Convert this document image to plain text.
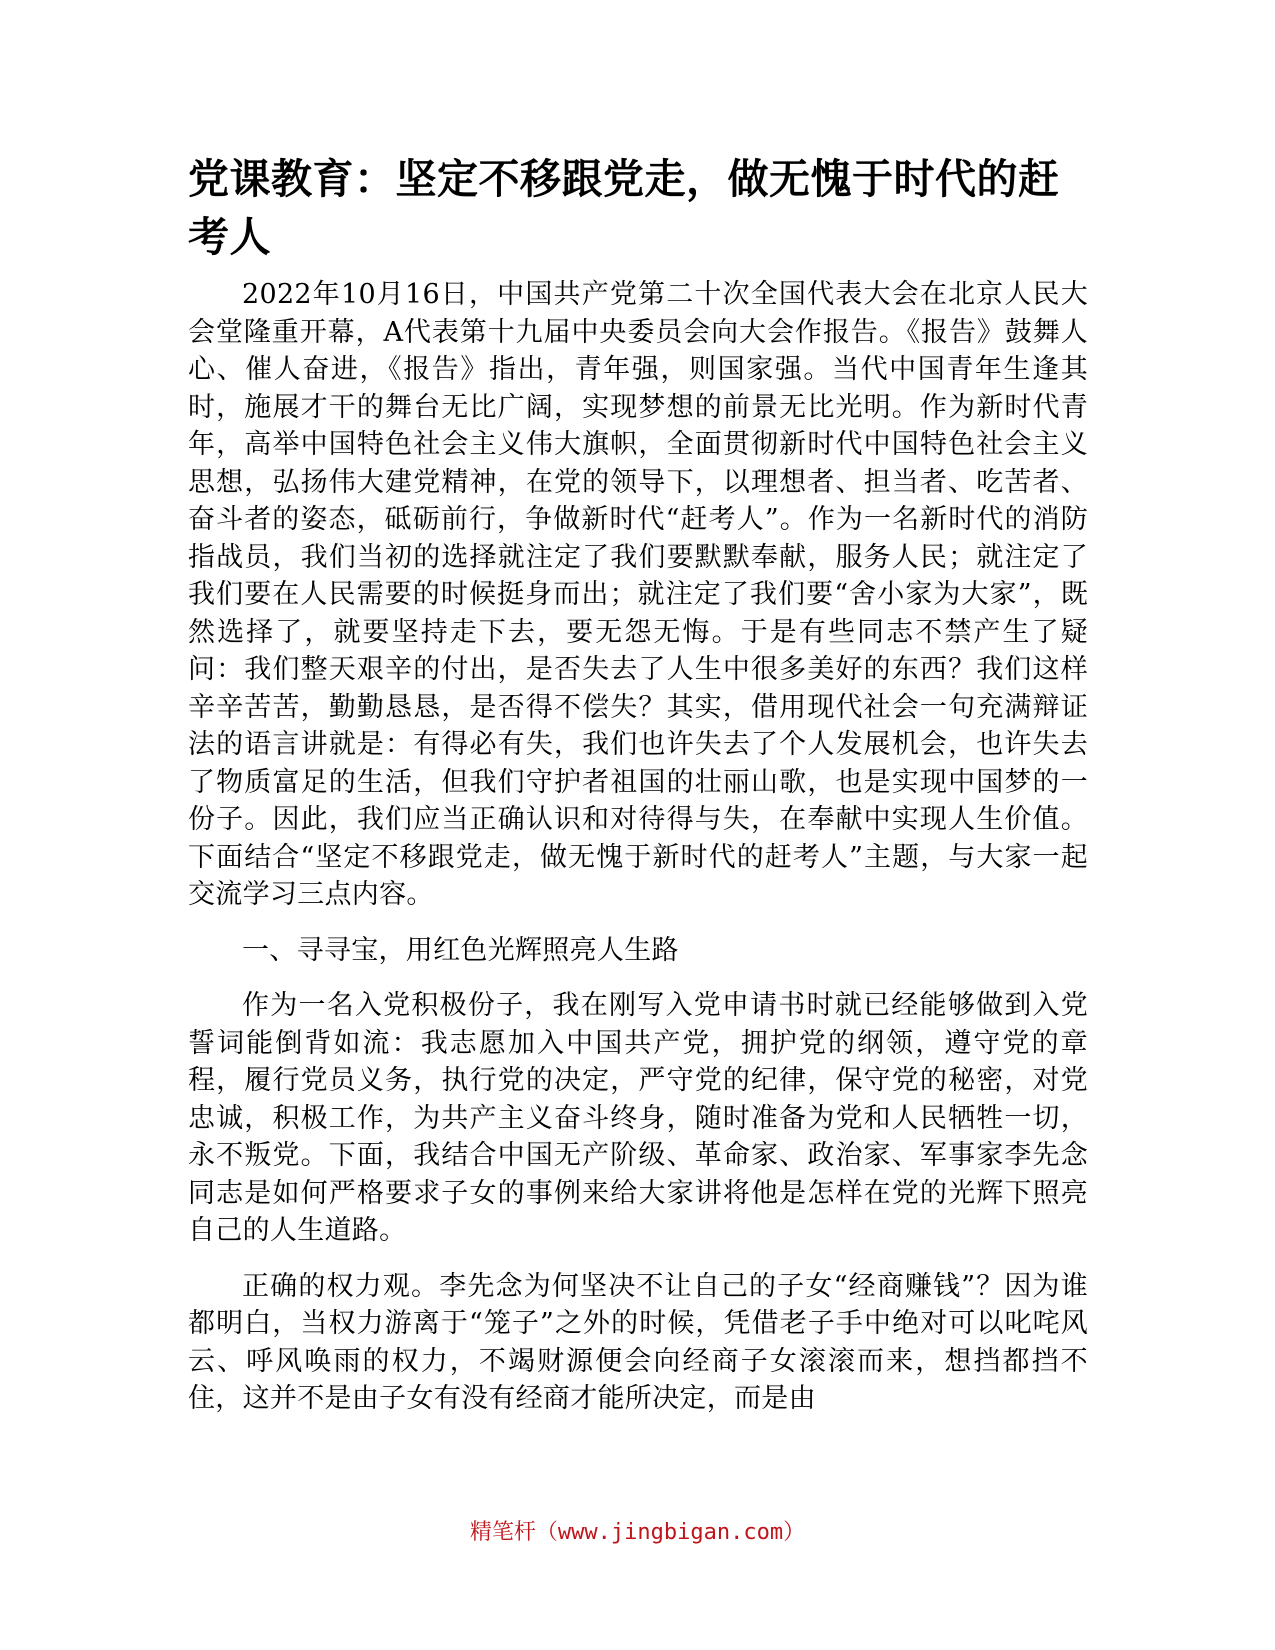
党课教育：坚定不移跟党走，做无愧于时代的赶考人

2022年10月16日，中国共产党第二十次全国代表大会在北京人民大会堂隆重开幕，A代表第十九届中央委员会向大会作报告。《报告》鼓舞人心、催人奋进，《报告》指出，青年强，则国家强。当代中国青年生逢其时，施展才干的舞台无比广阔，实现梦想的前景无比光明。作为新时代青年，高举中国特色社会主义伟大旗帜，全面贯彻新时代中国特色社会主义思想，弘扬伟大建党精神，在党的领导下，以理想者、担当者、吃苦者、奋斗者的姿态，砥砺前行，争做新时代“赶考人”。作为一名新时代的消防指战员，我们当初的选择就注定了我们要默默奉献，服务人民；就注定了我们要在人民需要的时候挺身而出；就注定了我们要“舍小家为大家”，既然选择了，就要坚持走下去，要无怨无悔。于是有些同志不禁产生了疑问：我们整天艰辛的付出，是否失去了人生中很多美好的东西？我们这样辛辛苦苦，勤勤恳恳，是否得不偿失？其实，借用现代社会一句充满辩证法的语言讲就是：有得必有失，我们也许失去了个人发展机会，也许失去了物质富足的生活，但我们守护者祖国的壮丽山歌，也是实现中国梦的一份子。因此，我们应当正确认识和对待得与失，在奉献中实现人生价值。下面结合“坚定不移跟党走，做无愧于新时代的赶考人”主题，与大家一起交流学习三点内容。

一、寻寻宝，用红色光辉照亮人生路

作为一名入党积极份子，我在刚写入党申请书时就已经能够做到入党誓词能倒背如流：我志愿加入中国共产党，拥护党的纲领，遵守党的章程，履行党员义务，执行党的决定，严守党的纪律，保守党的秘密，对党忠诚，积极工作，为共产主义奋斗终身，随时准备为党和人民牺牲一切，永不叛党。下面，我结合中国无产阶级、革命家、政治家、军事家李先念同志是如何严格要求子女的事例来给大家讲将他是怎样在党的光辉下照亮自己的人生道路。

正确的权力观。李先念为何坚决不让自己的子女“经商赚钱”？因为谁都明白，当权力游离于“笼子”之外的时候，凭借老子手中绝对可以叱咤风云、呼风唤雨的权力，不竭财源便会向经商子女滚滚而来，想挡都挡不住，这并不是由子女有没有经商才能所决定，而是由

精笔杆（www.jingbigan.com）
